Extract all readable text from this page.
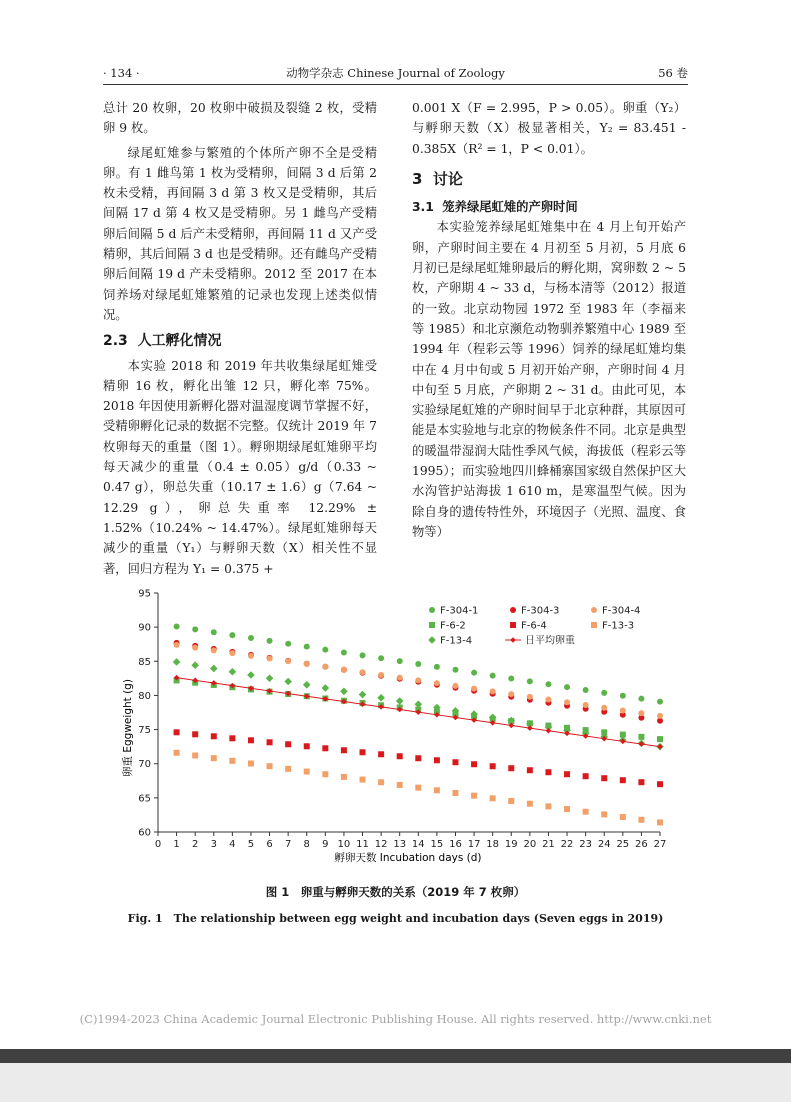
· 134 ·	动物学杂志 Chinese Journal of Zoology	56 卷

总计 20 枚卵，20 枚卵中破损及裂缝 2 枚，受精卵 9 枚。

绿尾虹雉参与繁殖的个体所产卵不全是受精卵。有 1 雌鸟第 1 枚为受精卵，间隔 3 d 后第 2 枚未受精，再间隔 3 d 第 3 枚又是受精卵，其后间隔 17 d 第 4 枚又是受精卵。另 1 雌鸟产受精卵后间隔 5 d 后产未受精卵，再间隔 11 d 又产受精卵，其后间隔 3 d 也是受精卵。还有雌鸟产受精卵后间隔 19 d 产未受精卵。2012 至 2017 在本饲养场对绿尾虹雉繁殖的记录也发现上述类似情况。

2.3 人工孵化情况

本实验 2018 和 2019 年共收集绿尾虹雉受精卵 16 枚，孵化出雏 12 只，孵化率 75%。2018 年因使用新孵化器对温湿度调节掌握不好，受精卵孵化记录的数据不完整。仅统计 2019 年 7 枚卵每天的重量（图 1）。孵卵期绿尾虹雉卵平均每天减少的重量（0.4 ± 0.05）g/d（0.33 ~ 0.47 g），卵总失重（10.17 ± 1.6）g（7.64 ~ 12.29 g），卵总失重率 12.29% ± 1.52%（10.24% ~ 14.47%）。绿尾虹雉卵每天减少的重量（Y₁）与孵卵天数（X）相关性不显著，回归方程为 Y₁ = 0.375 +

0.001 X（F = 2.995，P > 0.05）。卵重（Y₂）与孵卵天数（X）极显著相关，Y₂ = 83.451 - 0.385X（R² = 1，P < 0.01）。

3 讨论
3.1 笼养绿尾虹雉的产卵时间

本实验笼养绿尾虹雉集中在 4 月上旬开始产卵，产卵时间主要在 4 月初至 5 月初，5 月底 6 月初已是绿尾虹雉卵最后的孵化期，窝卵数 2 ~ 5 枚，产卵期 4 ~ 33 d，与杨本清等（2012）报道的一致。北京动物园 1972 至 1983 年（李福来等 1985）和北京濒危动物驯养繁殖中心 1989 至 1994 年（程彩云等 1996）饲养的绿尾虹雉均集中在 4 月中旬或 5 月初开始产卵，产卵时间 4 月中旬至 5 月底，产卵期 2 ~ 31 d。由此可见，本实验绿尾虹雉的产卵时间早于北京种群，其原因可能是本实验地与北京的物候条件不同。北京是典型的暖温带湿润大陆性季风气候，海拔低（程彩云等 1995）；而实验地四川蜂桶寨国家级自然保护区大水沟管护站海拔 1 610 m，是寒温型气候。因为除自身的遗传特性外，环境因子（光照、温度、食物等）

60
65
70
75
80
85
90
95
0 1 2 3 4 5 6 7 8 9 10 11 12 13 14 15 16 17 18 19 20 21 22 23 24 25 26 27
卵重 Eggweight (g)
孵卵天数 Incubation days (d)
F-304-1	F-304-3	F-304-4
F-6-2	F-6-4	F-13-3
F-13-4	日平均卵重
图 1　卵重与孵卵天数的关系（2019 年 7 枚卵）
Fig. 1　The relationship between egg weight and incubation days (Seven eggs in 2019)
(C)1994-2023 China Academic Journal Electronic Publishing House. All rights reserved. http://www.cnki.net
